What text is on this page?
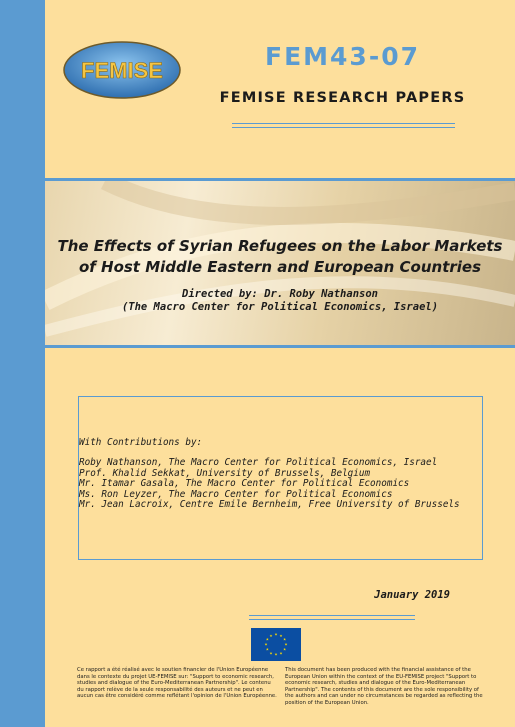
FEMISE	FEM43-07
FEMISE RESEARCH PAPERS
The Effects of Syrian Refugees on the Labor Markets
of Host Middle Eastern and European Countries
Directed by: Dr. Roby Nathanson
(The Macro Center for Political Economics, Israel)
With Contributions by:
Roby Nathanson, The Macro Center for Political Economics, Israel
Prof. Khalid Sekkat, University of Brussels, Belgium
Mr. Itamar Gasala, The Macro Center for Political Economics
Ms. Ron Leyzer, The Macro Center for Political Economics
Mr. Jean Lacroix, Centre Emile Bernheim, Free University of Brussels
January 2019
★
★
★
★
★
★
★
★
★ ★ ★
★
Ce rapport a été réalisé avec le soutien financier de l'Union Européenne dans le contexte du projet UE-FEMISE sur: "Support to economic research, studies and dialogue of the Euro-Mediterranean Partnership". Le contenu du rapport relève de la seule responsabilité des auteurs et ne peut en aucun cas être considéré comme reflétant l'opinion de l'Union Européenne.
This document has been produced with the financial assistance of the European Union within the context of the EU-FEMISE project "Support to economic research, studies and dialogue of the Euro-Mediterranean Partnership". The contents of this document are the sole responsibility of the authors and can under no circumstances be regarded as reflecting the position of the European Union.
